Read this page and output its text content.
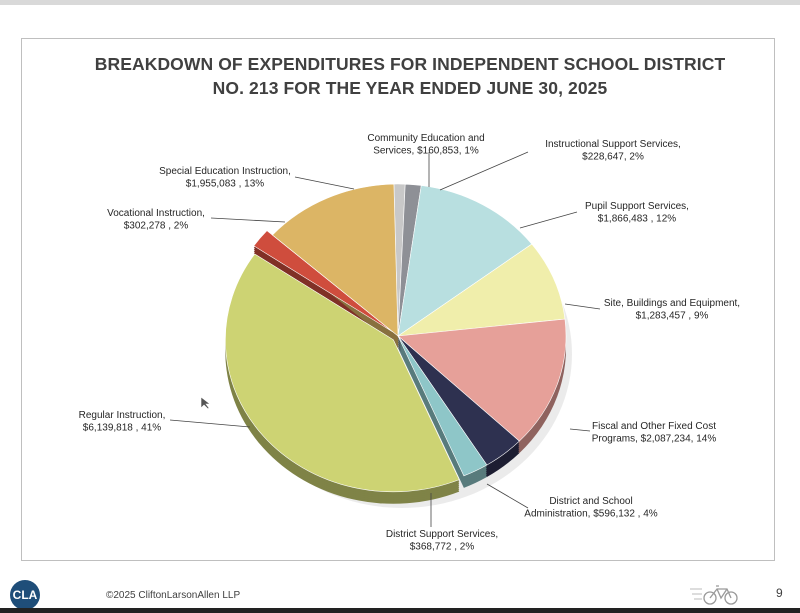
BREAKDOWN OF EXPENDITURES FOR INDEPENDENT SCHOOL DISTRICT
NO. 213 FOR THE YEAR ENDED JUNE 30, 2025
Community Education and Services, $160,853, 1%
Instructional Support Services, $228,647, 2%
Pupil Support Services, $1,866,483 , 12%
Site, Buildings and Equipment, $1,283,457 , 9%
Fiscal and Other Fixed Cost Programs, $2,087,234, 14%
District and School Administration, $596,132 , 4%
District Support Services, $368,772 , 2%
Regular Instruction, $6,139,818 , 41%
Vocational Instruction, $302,278 , 2%
Special Education Instruction, $1,955,083 , 13%
CLA	©2025 CliftonLarsonAllen LLP	9
